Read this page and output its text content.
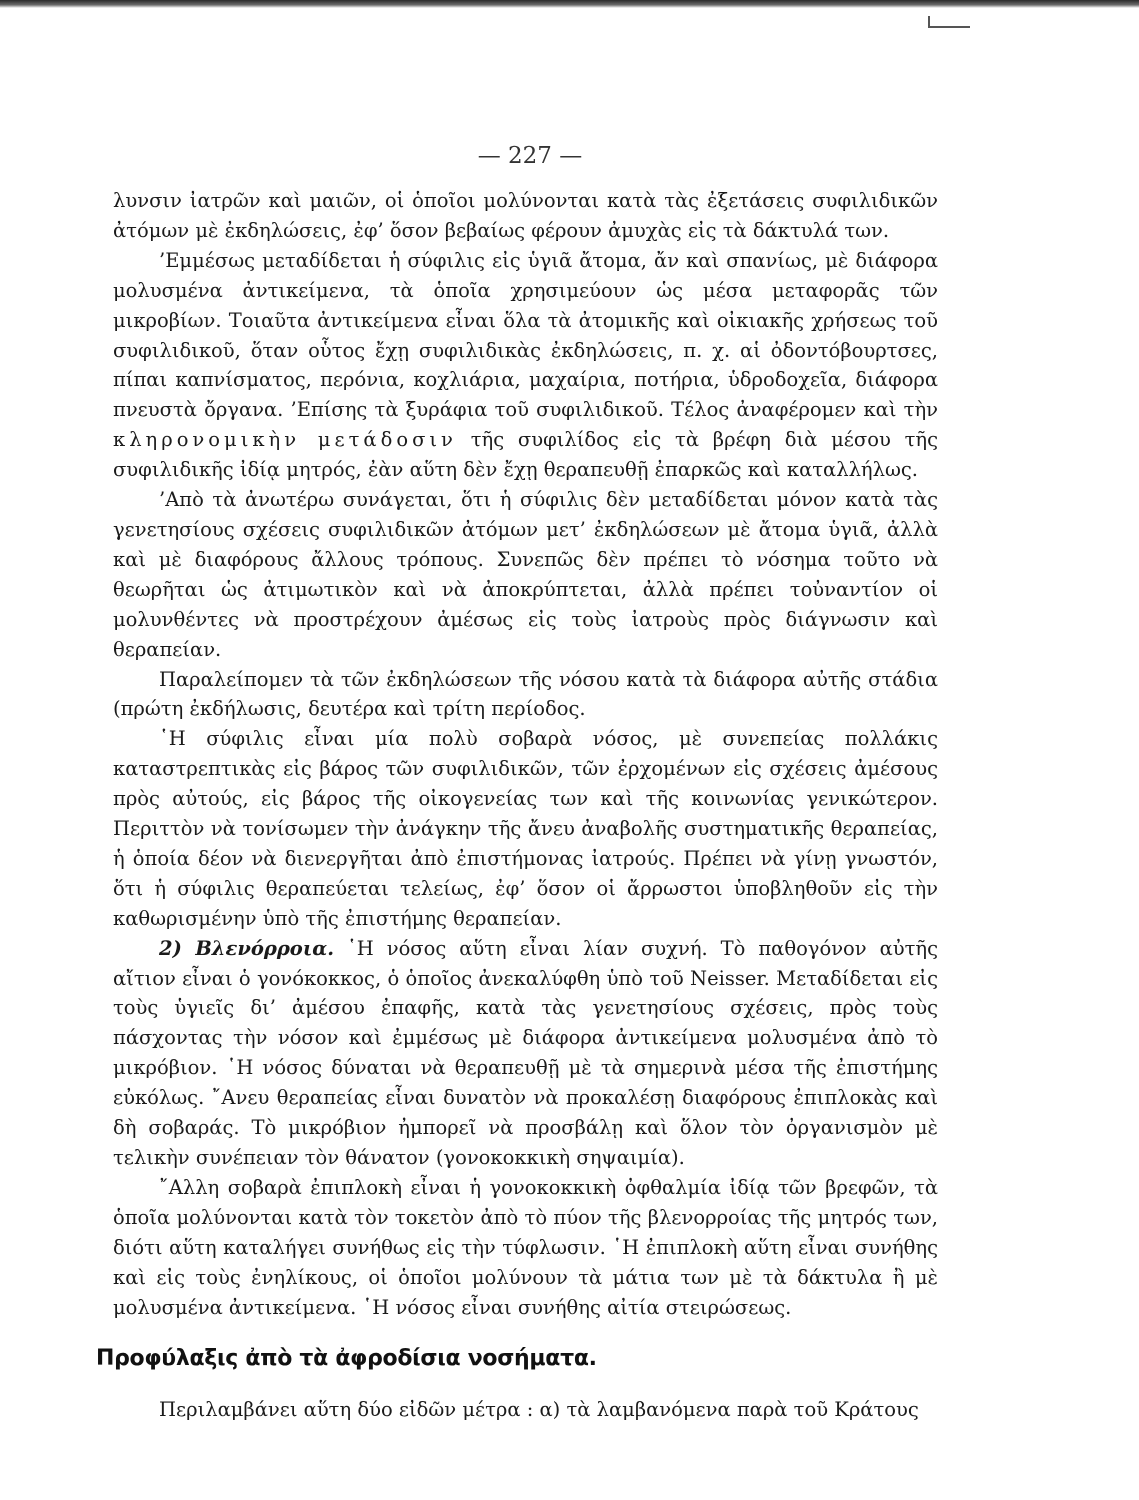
— 227 —

λυνσιν ἰατρῶν καὶ μαιῶν, οἱ ὁποῖοι μολύνονται κατὰ τὰς ἐξετάσεις συφιλιδικῶν ἀτόμων μὲ ἐκδηλώσεις, ἐφ’ ὅσον βεβαίως φέρουν ἀμυχὰς εἰς τὰ δάκτυλά των.

’Εμμέσως μεταδίδεται ἡ σύφιλις εἰς ὑγιᾶ ἄτομα, ἄν καὶ σπανίως, μὲ διάφορα μολυσμένα ἀντικείμενα, τὰ ὁποῖα χρησιμεύουν ὡς μέσα μεταφορᾶς τῶν μικροβίων. Τοιαῦτα ἀντικείμενα εἶναι ὅλα τὰ ἀτομικῆς καὶ οἰκιακῆς χρήσεως τοῦ συφιλιδικοῦ, ὅταν οὗτος ἔχῃ συφιλιδικὰς ἐκδηλώσεις, π. χ. αἱ ὀδοντόβουρτσες, πίπαι καπνίσματος, περόνια, κοχλιάρια, μαχαίρια, ποτήρια, ὑδροδοχεῖα, διάφορα πνευστὰ ὄργανα. ’Επίσης τὰ ξυράφια τοῦ συφιλιδικοῦ. Τέλος ἀναφέρομεν καὶ τὴν κληρονομικὴν μετάδοσιν τῆς συφιλίδος εἰς τὰ βρέφη διὰ μέσου τῆς συφιλιδικῆς ἰδίᾳ μητρός, ἐὰν αὕτη δὲν ἔχῃ θεραπευθῇ ἐπαρκῶς καὶ καταλλήλως.

’Απὸ τὰ ἀνωτέρω συνάγεται, ὅτι ἡ σύφιλις δὲν μεταδίδεται μόνον κατὰ τὰς γενετησίους σχέσεις συφιλιδικῶν ἀτόμων μετ’ ἐκδηλώσεων μὲ ἄτομα ὑγιᾶ, ἀλλὰ καὶ μὲ διαφόρους ἄλλους τρόπους. Συνεπῶς δὲν πρέπει τὸ νόσημα τοῦτο νὰ θεωρῆται ὡς ἀτιμωτικὸν καὶ νὰ ἀποκρύπτεται, ἀλλὰ πρέπει τοὐναντίον οἱ μολυνθέντες νὰ προστρέχουν ἀμέσως εἰς τοὺς ἰατροὺς πρὸς διάγνωσιν καὶ θεραπείαν.

Παραλείπομεν τὰ τῶν ἐκδηλώσεων τῆς νόσου κατὰ τὰ διάφορα αὐτῆς στάδια (πρώτη ἐκδήλωσις, δευτέρα καὶ τρίτη περίοδος.

῾Η σύφιλις εἶναι μία πολὺ σοβαρὰ νόσος, μὲ συνεπείας πολλάκις καταστρεπτικὰς εἰς βάρος τῶν συφιλιδικῶν, τῶν ἐρχομένων εἰς σχέσεις ἀμέσους πρὸς αὐτούς, εἰς βάρος τῆς οἰκογενείας των καὶ τῆς κοινωνίας γενικώτερον. Περιττὸν νὰ τονίσωμεν τὴν ἀνάγκην τῆς ἄνευ ἀναβολῆς συστηματικῆς θεραπείας, ἡ ὁποία δέον νὰ διενεργῆται ἀπὸ ἐπιστήμονας ἰατρούς. Πρέπει νὰ γίνῃ γνωστόν, ὅτι ἡ σύφιλις θεραπεύεται τελείως, ἐφ’ ὅσον οἱ ἄρρωστοι ὑποβληθοῦν εἰς τὴν καθωρισμένην ὑπὸ τῆς ἐπιστήμης θεραπείαν.

2) Βλενόρροια. ῾Η νόσος αὕτη εἶναι λίαν συχνή. Τὸ παθογόνον αὐτῆς αἴτιον εἶναι ὁ γονόκοκκος, ὁ ὁποῖος ἀνεκαλύφθη ὑπὸ τοῦ Neisser. Μεταδίδεται εἰς τοὺς ὑγιεῖς δι’ ἀμέσου ἐπαφῆς, κατὰ τὰς γενετησίους σχέσεις, πρὸς τοὺς πάσχοντας τὴν νόσον καὶ ἐμμέσως μὲ διάφορα ἀντικείμενα μολυσμένα ἀπὸ τὸ μικρόβιον. ῾Η νόσος δύναται νὰ θεραπευθῇ μὲ τὰ σημερινὰ μέσα τῆς ἐπιστήμης εὐκόλως. ῎Ανευ θεραπείας εἶναι δυνατὸν νὰ προκαλέσῃ διαφόρους ἐπιπλοκὰς καὶ δὴ σοβαράς. Τὸ μικρόβιον ἠμπορεῖ νὰ προσβάλῃ καὶ ὅλον τὸν ὀργανισμὸν μὲ τελικὴν συνέπειαν τὸν θάνατον (γονοκοκκικὴ σηψαιμία).

῎Αλλη σοβαρὰ ἐπιπλοκὴ εἶναι ἡ γονοκοκκικὴ ὀφθαλμία ἰδίᾳ τῶν βρεφῶν, τὰ ὁποῖα μολύνονται κατὰ τὸν τοκετὸν ἀπὸ τὸ πύον τῆς βλενορροίας τῆς μητρός των, διότι αὕτη καταλήγει συνήθως εἰς τὴν τύφλωσιν. ῾Η ἐπιπλοκὴ αὕτη εἶναι συνήθης καὶ εἰς τοὺς ἐνηλίκους, οἱ ὁποῖοι μολύνουν τὰ μάτια των μὲ τὰ δάκτυλα ἢ μὲ μολυσμένα ἀντικείμενα. ῾Η νόσος εἶναι συνήθης αἰτία στειρώσεως.

Προφύλαξις ἀπὸ τὰ ἀφροδίσια νοσήματα.

Περιλαμβάνει αὕτη δύο εἰδῶν μέτρα : α) τὰ λαμβανόμενα παρὰ τοῦ Κράτους
